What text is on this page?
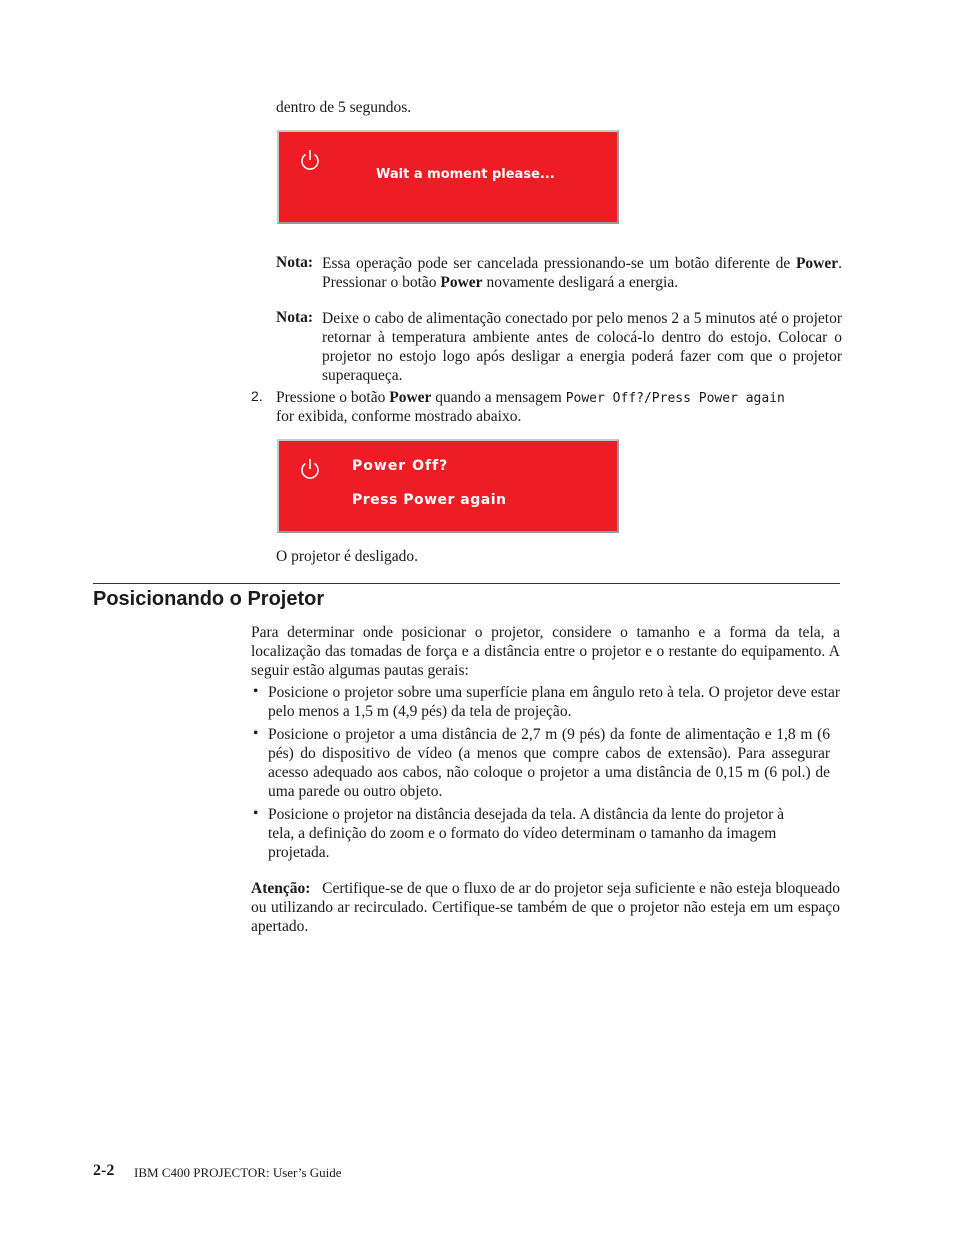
dentro de 5 segundos.
Wait a moment please...
Nota: Essa operação pode ser cancelada pressionando-se um botão diferente de Power. Pressionar o botão Power novamente desligará a energia.
Nota: Deixe o cabo de alimentação conectado por pelo menos 2 a 5 minutos até o projetor retornar à temperatura ambiente antes de colocá-lo dentro do estojo. Colocar o projetor no estojo logo após desligar a energia poderá fazer com que o projetor superaqueça.
2. Pressione o botão Power quando a mensagem Power Off?/Press Power again
for exibida, conforme mostrado abaixo.
Power Off?
Press Power again
O projetor é desligado.
Posicionando o Projetor
Para determinar onde posicionar o projetor, considere o tamanho e a forma da tela, a localização das tomadas de força e a distância entre o projetor e o restante do equipamento. A seguir estão algumas pautas gerais:
• Posicione o projetor sobre uma superfície plana em ângulo reto à tela. O projetor deve estar pelo menos a 1,5 m (4,9 pés) da tela de projeção.
• Posicione o projetor a uma distância de 2,7 m (9 pés) da fonte de alimentação e 1,8 m (6 pés) do dispositivo de vídeo (a menos que compre cabos de extensão). Para assegurar acesso adequado aos cabos, não coloque o projetor a uma distância de 0,15 m (6 pol.) de uma parede ou outro objeto.
• Posicione o projetor na distância desejada da tela. A distância da lente do projetor à tela, a definição do zoom e o formato do vídeo determinam o tamanho da imagem projetada.
Atenção: Certifique-se de que o fluxo de ar do projetor seja suficiente e não esteja bloqueado ou utilizando ar recirculado. Certifique-se também de que o projetor não esteja em um espaço apertado.
2-2 IBM C400 PROJECTOR: User’s Guide
